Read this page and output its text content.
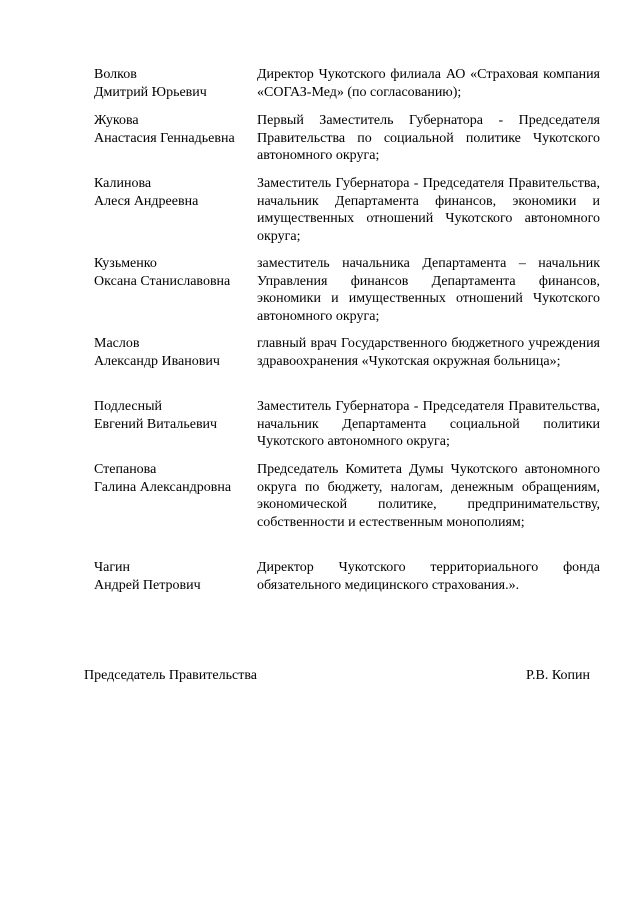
Волков
Дмитрий Юрьевич
Директор Чукотского филиала АО «Страховая компания «СОГАЗ-Мед» (по согласованию);
Жукова
Анастасия Геннадьевна
Первый Заместитель Губернатора - Председателя Правительства по социальной политике Чукотского автономного округа;
Калинова
Алеся Андреевна
Заместитель Губернатора - Председателя Правительства, начальник Департамента финансов, экономики и имущественных отношений Чукотского автономного округа;
Кузьменко
Оксана Станиславовна
заместитель начальника Департамента – начальник Управления финансов Департамента финансов, экономики и имущественных отношений Чукотского автономного округа;
Маслов
Александр Иванович
главный врач Государственного бюджетного учреждения здравоохранения «Чукотская окружная больница»;
Подлесный
Евгений Витальевич
Заместитель Губернатора - Председателя Правительства, начальник Департамента социальной политики Чукотского автономного округа;
Степанова
Галина Александровна
Председатель Комитета Думы Чукотского автономного округа по бюджету, налогам, денежным обращениям, экономической политике, предпринимательству, собственности и естественным монополиям;
Чагин
Андрей Петрович
Директор Чукотского территориального фонда обязательного медицинского страхования.».
Председатель Правительства	Р.В. Копин
